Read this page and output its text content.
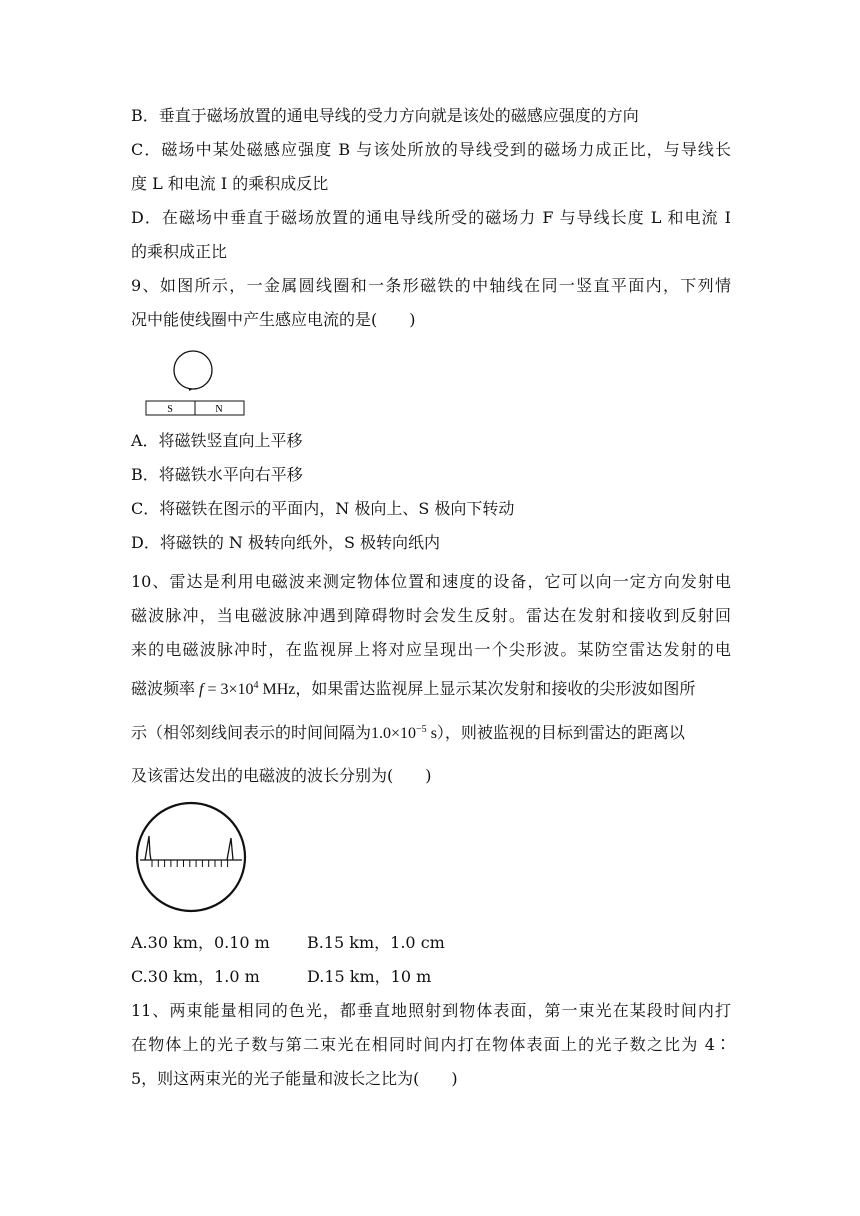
B．垂直于磁场放置的通电导线的受力方向就是该处的磁感应强度的方向
C．磁场中某处磁感应强度 B 与该处所放的导线受到的磁场力成正比，与导线长
度 L 和电流 I 的乘积成反比
D．在磁场中垂直于磁场放置的通电导线所受的磁场力 F 与导线长度 L 和电流 I
的乘积成正比
9、如图所示，一金属圆线圈和一条形磁铁的中轴线在同一竖直平面内，下列情
况中能使线圈中产生感应电流的是(　　)
S	N
A．将磁铁竖直向上平移
B．将磁铁水平向右平移
C．将磁铁在图示的平面内，N 极向上、S 极向下转动
D．将磁铁的 N 极转向纸外，S 极转向纸内
10、雷达是利用电磁波来测定物体位置和速度的设备，它可以向一定方向发射电
磁波脉冲，当电磁波脉冲遇到障碍物时会发生反射。雷达在发射和接收到反射回
来的电磁波脉冲时，在监视屏上将对应呈现出一个尖形波。某防空雷达发射的电
磁波频率 $f = 3\times 10^4$ MHz，如果雷达监视屏上显示某次发射和接收的尖形波如图所
示（相邻刻线间表示的时间间隔为$1.0\times 10^{-5}$ s），则被监视的目标到雷达的距离以
及该雷达发出的电磁波的波长分别为(　　)
A.30 km，0.10 m B.15 km，1.0 cm
C.30 km，1.0 m	D.15 km，10 m
11、两束能量相同的色光，都垂直地照射到物体表面，第一束光在某段时间内打
在物体上的光子数与第二束光在相同时间内打在物体表面上的光子数之比为 4∶
5，则这两束光的光子能量和波长之比为(　　)
